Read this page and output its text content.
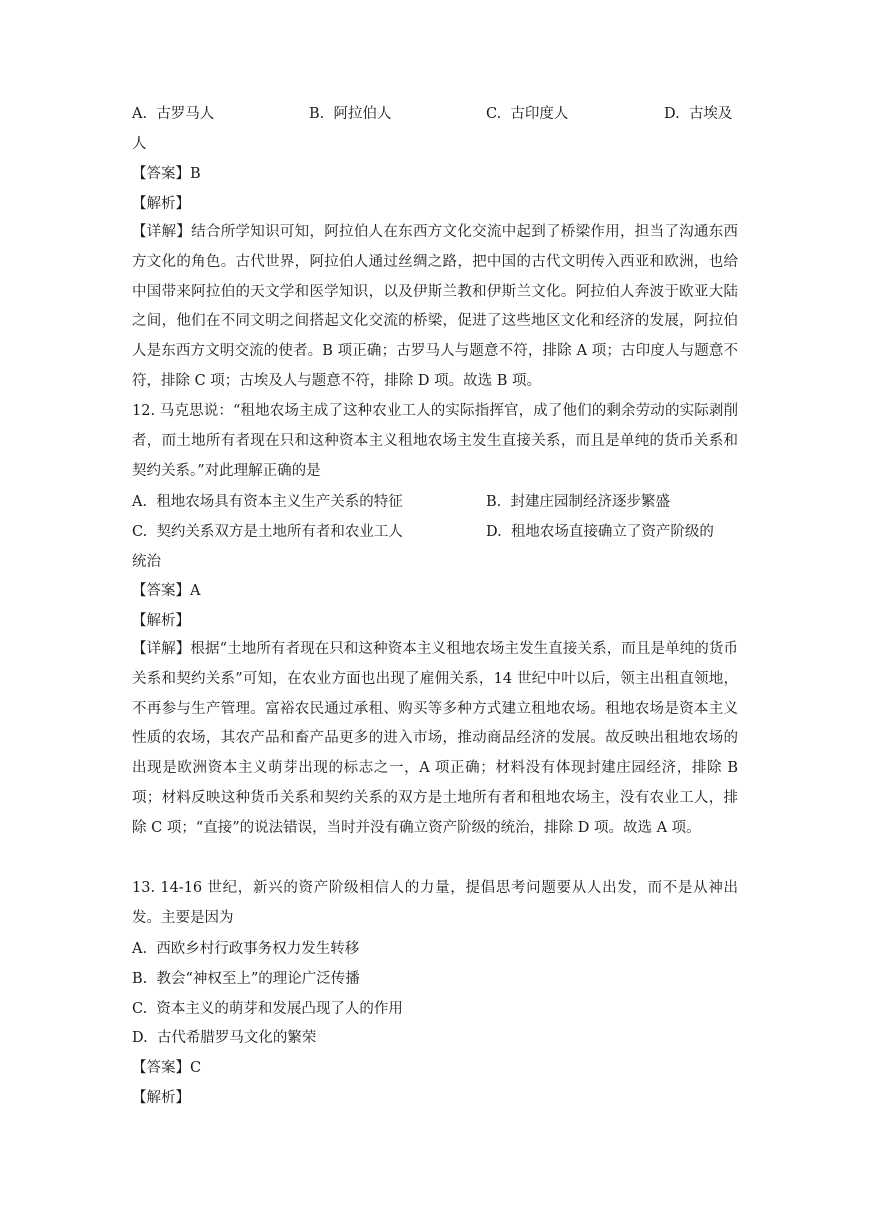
A. 古罗马人	B. 阿拉伯人	C. 古印度人	D. 古埃及
人
【答案】B
【解析】
【详解】结合所学知识可知，阿拉伯人在东西方文化交流中起到了桥梁作用，担当了沟通东西方文化的角色。古代世界，阿拉伯人通过丝绸之路，把中国的古代文明传入西亚和欧洲，也给中国带来阿拉伯的天文学和医学知识，以及伊斯兰教和伊斯兰文化。阿拉伯人奔波于欧亚大陆之间，他们在不同文明之间搭起文化交流的桥梁，促进了这些地区文化和经济的发展，阿拉伯人是东西方文明交流的使者。B 项正确；古罗马人与题意不符，排除 A 项；古印度人与题意不符，排除 C 项；古埃及人与题意不符，排除 D 项。故选 B 项。
12. 马克思说：“租地农场主成了这种农业工人的实际指挥官，成了他们的剩余劳动的实际剥削者，而土地所有者现在只和这种资本主义租地农场主发生直接关系，而且是单纯的货币关系和契约关系。”对此理解正确的是
A. 租地农场具有资本主义生产关系的特征	B. 封建庄园制经济逐步繁盛
C. 契约关系双方是土地所有者和农业工人	D. 租地农场直接确立了资产阶级的
统治
【答案】A
【解析】
【详解】根据“土地所有者现在只和这种资本主义租地农场主发生直接关系，而且是单纯的货币关系和契约关系”可知，在农业方面也出现了雇佣关系，14 世纪中叶以后，领主出租直领地，不再参与生产管理。富裕农民通过承租、购买等多种方式建立租地农场。租地农场是资本主义性质的农场，其农产品和畜产品更多的进入市场，推动商品经济的发展。故反映出租地农场的出现是欧洲资本主义萌芽出现的标志之一，A 项正确；材料没有体现封建庄园经济，排除 B 项；材料反映这种货币关系和契约关系的双方是土地所有者和租地农场主，没有农业工人，排除 C 项；“直接”的说法错误，当时并没有确立资产阶级的统治，排除 D 项。故选 A 项。
13. 14-16 世纪，新兴的资产阶级相信人的力量，提倡思考问题要从人出发，而不是从神出发。主要是因为
A. 西欧乡村行政事务权力发生转移
B. 教会“神权至上”的理论广泛传播
C. 资本主义的萌芽和发展凸现了人的作用
D. 古代希腊罗马文化的繁荣
【答案】C
【解析】
